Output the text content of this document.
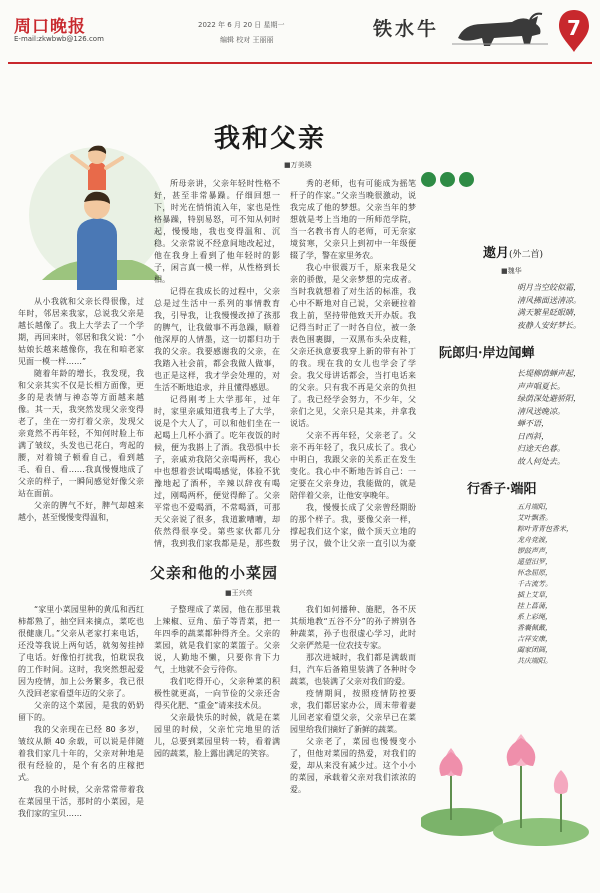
周口晚报
E-mail:zkwbwb@126.com
2022 年 6 月 20 日 星期一
编辑 校对 王丽丽	铁水牛	7
我和父亲
■万美瑛

从小我就和父亲长得很像，过年时，邻居来我家，总说我父亲是越长越像了。我上大学去了一个学期，再回来时，邻居和我父说：“小姑娘长越来越像你，我在和咱老家见面一模一样……”

随着年龄的增长，我发现，我和父亲其实不仅是长相方面像，更多的是表情与神态等方面越来越像。其一天，我突然发现父亲变得老了，坐在一旁打着父亲，发现父亲竟然不再年轻，不知何时脸上布满了皱纹，头发也已花白，弯起的腰，对着镜子顿看自己，看到越毛、看自、看……我真慢慢地成了父亲的样子，一瞬间感觉好像父亲站在面前。

父亲的脾气不好，脾气却越来越小，甚至慢慢变得温和，

所母亲讲，父亲年轻时性格不好，甚至非常暴躁。仔细回想一下，时光在悄悄流入年，家也是性格暴躁，特别易怒，可不知从何时起，慢慢地，我也变得温和、沉稳。父亲常说不经意间地改起过，他在我身上看到了他年轻时的影子，闲言真一模一样，从性格到长相。

记得在我成长的过程中，父亲总是过生活中一系列的事情教育我，引导我，让我慢慢改掉了孩那的脾气，让我做事不再急躁，顺着他深厚的人情墨，这一切都归功于我的父亲。我要感谢我的父亲，在我踏入社会前，都会我做人做事，也正是这样，我才学会处理的，对生活不断地追求，并且懂得感恩。

记得刚考上大学那年，过年时，家里亲戚知道我考上了大学，说是个大人了，可以和他们坐在一起喝上几杯小酒了。吃年夜饭的时候，便为我斟上了酒。我恐惧中长子，亲戚劝我陪父亲喝两杯，我心中也想着尝试喝喝感觉，体验不犹豫地起了酒杯，辛辣以辞夜有喝过，刚喝两杯，便觉得醉了。父亲平常也不爱喝酒，不常喝酒，可那天父亲说了很多，我道歉嘈嘈，却依然得很享受。第些家伙都几分情，我到我们家我都是是，那些数

秀的老师，也有可能成为摇笔杆子的作家。”父亲当晚很激动，说我完成了他的梦想。父亲当年的梦想就是考上当地的一所师范学院，当一名教书育人的老师，可无奈家境贫寒，父亲只上到初中一年级便辍了学，警在家里务农。

我心中很震万千，原来我是父亲的骄傲，是父亲梦想的完成者。当时我就想着了对生活的标准，我心中不断地对自己说，父亲硬拉着我上前，坚持带他致天开办版。我记得当时正了一时各自位，被一条表色围裹脚，一双黑布头朵皮鞋，父亲还执意要我穿上新的带有补丁的我。现在我的女儿也学会了学会。我父母讲话都会，当打电话来的父亲。只有我不再是父亲的负担了。我已经学会努力，不少年，父亲们之见，父亲只是其来，并拿我说话。

父亲不再年轻，父亲老了。父亲不再年轻了，我只成长了。我心中明白，我跟父亲的关系正在发生变化。我心中不断地告诉自己：一定要在父亲身边，我能做的，就是陪伴着父亲，让他安享晚年。

我，慢慢长成了父亲曾经期盼的那个样子。我，要像父亲一样，撑起我们这个家，做个顶天立地的男子汉，做个让父亲一直引以为豪

父亲和他的小菜园
■王兴亮

“家里小菜园里种的黄瓜和西红柿都熟了，抽空回来摘点，菜吃也很健康几。”父亲从老家打来电话，还没等我说上两句话，就匆匆挂掉了电话。好像怕打扰我，怕耽误我的工作时间。这时，我突然想起爱因为疫情，加上公务繁多，我已很久没回老家看望年迈的父亲了。

父亲的这个菜园，是我的奶奶留下的。

我的父亲现在已经 80 多岁，皱纹从额 40 余载，可以说是伴随着我们家几十年的，父亲对种地是很有经验的，是个有名的庄稼把式。

我的小时候，父亲常常带着我在菜园里干活，那时的小菜园，是我们家的宝贝……

子整理成了菜园，他在那里栽上辣椒、豆角、茄子等青菜，把一年四季的蔬菜都种得齐全。父亲的菜园，就是我们家的菜篮子。父亲说，人勤地不懒，只要你肯下力气，土地就不会亏待你。

我们吃得开心，父亲种菜的积极性就更高，一向节俭的父亲还舍得买化肥、“重金”请来技术员。

父亲最快乐的时候，就是在菜园里的时候，父亲忙完地里的活儿，总要到菜园里转一转，看着满园的蔬菜，脸上露出满足的笑容。

我们如何播种、施肥，各不厌其烦地教“五谷不分”的孙子辨别各种蔬菜，孙子也很虚心学习，此时父亲俨然是一位农技专家。

那次进城时，我们都是满载而归，汽车后备箱里装满了各种时令蔬菜，也装满了父亲对我们的爱。

疫情期间，按照疫情防控要求，我们都居家办公，周末带着妻儿回老家看望父亲，父亲早已在菜园里给我们摘好了新鲜的蔬菜。

父亲老了，菜园也慢慢变小了，但他对菜园的热爱，对我们的爱，却从来没有减少过。这个小小的菜园，承载着父亲对我们浓浓的爱。

遨月(外二首)
■魏华
明月当空皎似霜，
清风拂面送清凉。
满天繁星眨眼睛，
夜静人安好梦长。
阮郎归·岸边闻蝉
长堤柳荫蝉声起，
声声唱夏长。
绿荫深处避骄阳，
清风送晚凉。
蝉不语，
日西斜，
归途天色暮。
故人何处去。
行香子·端阳
五月端阳，
艾叶飘香。
粽叶青青包香米，
龙舟竞渡，
锣鼓声声，
遥望汨罗，
怀念屈原，
千古流芳。
插上艾草，
挂上菖蒲，
系上彩绳，
香囊佩戴，
吉祥安康，
阖家团圆，
共庆端阳。
